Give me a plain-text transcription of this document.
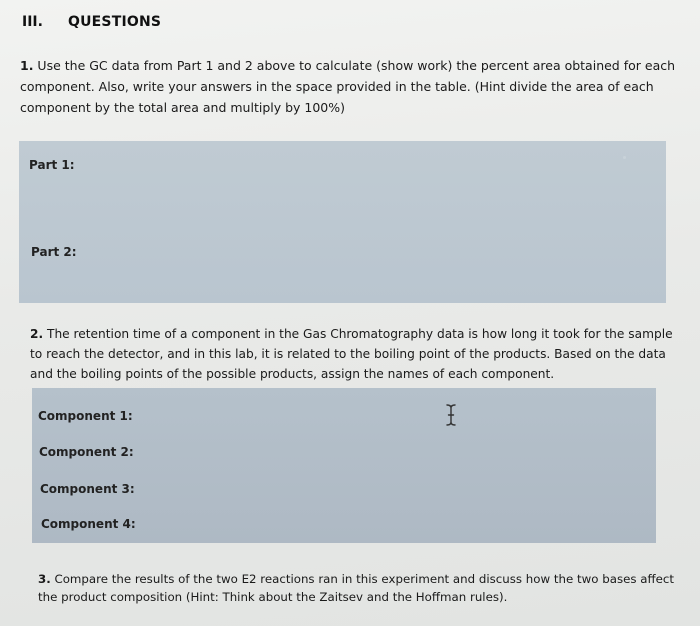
III. QUESTIONS
1. Use the GC data from Part 1 and 2 above to calculate (show work) the percent area obtained for each component. Also, write your answers in the space provided in the table. (Hint divide the area of each component by the total area and multiply by 100%)
Part 1:
Part 2:
2. The retention time of a component in the Gas Chromatography data is how long it took for the sample to reach the detector, and in this lab, it is related to the boiling point of the products. Based on the data and the boiling points of the possible products, assign the names of each component.
Component 1:
Component 2:
Component 3:
Component 4:
3. Compare the results of the two E2 reactions ran in this experiment and discuss how the two bases affect the product composition (Hint: Think about the Zaitsev and the Hoffman rules).
